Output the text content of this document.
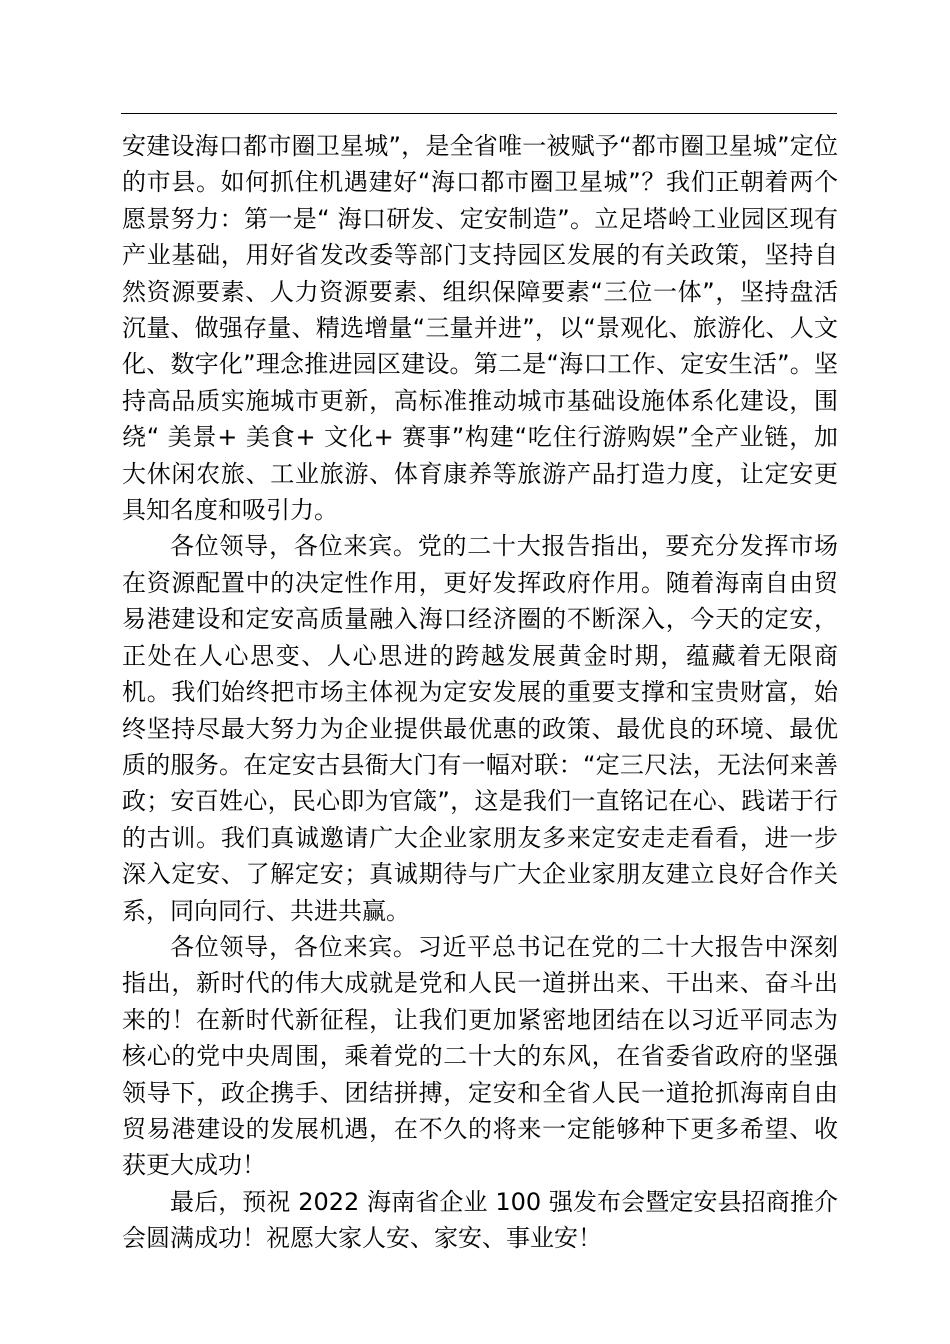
安建设海口都市圈卫星城”，是全省唯一被赋予“都市圈卫星城”定位的市县。如何抓住机遇建好“海口都市圈卫星城”？我们正朝着两个愿景努力：第一是“ 海口研发、定安制造”。立足塔岭工业园区现有产业基础，用好省发改委等部门支持园区发展的有关政策，坚持自然资源要素、人力资源要素、组织保障要素“三位一体”，坚持盘活沉量、做强存量、精选增量“三量并进”，以“景观化、旅游化、人文化、数字化”理念推进园区建设。第二是“海口工作、定安生活”。坚持高品质实施城市更新，高标准推动城市基础设施体系化建设，围绕“ 美景+ 美食+ 文化+ 赛事”构建“吃住行游购娱”全产业链，加大休闲农旅、工业旅游、体育康养等旅游产品打造力度，让定安更具知名度和吸引力。

各位领导，各位来宾。党的二十大报告指出，要充分发挥市场在资源配置中的决定性作用，更好发挥政府作用。随着海南自由贸易港建设和定安高质量融入海口经济圈的不断深入，今天的定安，正处在人心思变、人心思进的跨越发展黄金时期，蕴藏着无限商机。我们始终把市场主体视为定安发展的重要支撑和宝贵财富，始终坚持尽最大努力为企业提供最优惠的政策、最优良的环境、最优质的服务。在定安古县衙大门有一幅对联：“定三尺法，无法何来善政；安百姓心，民心即为官箴”，这是我们一直铭记在心、践诺于行的古训。我们真诚邀请广大企业家朋友多来定安走走看看，进一步深入定安、了解定安；真诚期待与广大企业家朋友建立良好合作关系，同向同行、共进共赢。

各位领导，各位来宾。习近平总书记在党的二十大报告中深刻指出，新时代的伟大成就是党和人民一道拼出来、干出来、奋斗出来的！在新时代新征程，让我们更加紧密地团结在以习近平同志为核心的党中央周围，乘着党的二十大的东风，在省委省政府的坚强领导下，政企携手、团结拼搏，定安和全省人民一道抢抓海南自由贸易港建设的发展机遇，在不久的将来一定能够种下更多希望、收获更大成功！

最后，预祝 2022 海南省企业 100 强发布会暨定安县招商推介会圆满成功！祝愿大家人安、家安、事业安！
